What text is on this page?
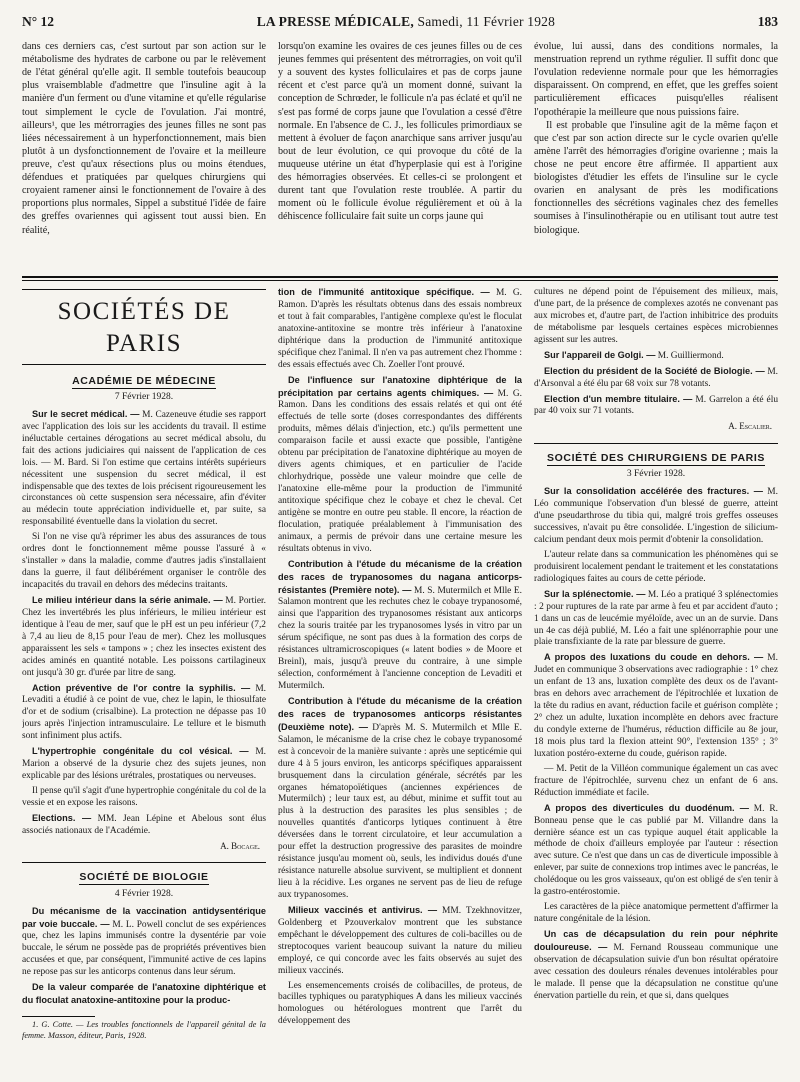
N° 12	LA PRESSE MÉDICALE, Samedi, 11 Février 1928	183

dans ces derniers cas, c'est surtout par son action sur le métabolisme des hydrates de carbone ou par le relèvement de l'état général qu'elle agit. Il semble toutefois beaucoup plus vraisemblable d'admettre que l'insuline agit à la manière d'un ferment ou d'une vitamine et qu'elle régularise tout simplement le cycle de l'ovulation. J'ai montré, ailleurs¹, que les métrorragies des jeunes filles ne sont pas liées nécessairement à un hyperfonctionnement, mais bien plutôt à un dysfonctionnement de l'ovaire et la meilleure preuve, c'est qu'aux résections plus ou moins étendues, défendues et pratiquées par quelques chirurgiens qui croyaient ramener ainsi le fonctionnement de l'ovaire à des proportions plus normales, Sippel a substitué l'idée de faire des greffes ovariennes qui agissent tout aussi bien. En réalité,

lorsqu'on examine les ovaires de ces jeunes filles ou de ces jeunes femmes qui présentent des métrorragies, on voit qu'il y a souvent des kystes folliculaires et pas de corps jaune récent et c'est parce qu'à un moment donné, suivant la conception de Schrœder, le follicule n'a pas éclaté et qu'il ne s'est pas formé de corps jaune que l'ovulation a cessé d'être normale. En l'absence de C. J., les follicules primordiaux se mettent à évoluer de façon anarchique sans arriver jusqu'au bout de leur évolution, ce qui provoque du côté de la muqueuse utérine un état d'hyperplasie qui est à l'origine des hémorragies observées. Et celles-ci se prolongent et durent tant que l'ovulation reste troublée. A partir du moment où le follicule évolue régulièrement et où à la déhiscence folliculaire fait suite un corps jaune qui

évolue, lui aussi, dans des conditions normales, la menstruation reprend un rythme régulier. Il suffit donc que l'ovulation redevienne normale pour que les hémorragies disparaissent. On comprend, en effet, que les greffes soient particulièrement efficaces puisqu'elles réalisent l'opothérapie la meilleure que nous puissions faire.

Il est probable que l'insuline agit de la même façon et que c'est par son action directe sur le cycle ovarien qu'elle amène l'arrêt des hémorragies d'origine ovarienne ; mais la chose ne peut encore être affirmée. Il appartient aux biologistes d'étudier les effets de l'insuline sur le cycle ovarien en analysant de près les modifications fonctionnelles des sécrétions vaginales chez des femelles soumises à l'insulinothérapie ou en utilisant tout autre test biologique.

SOCIÉTÉS DE PARIS
ACADÉMIE DE MÉDECINE
7 Février 1928.

Sur le secret médical. — M. Cazeneuve étudie ses rapport avec l'application des lois sur les accidents du travail. Il estime inéluctable certaines dérogations au secret médical absolu, du fait des actions judiciaires qui naissent de l'application de ces lois. — M. Bard. Si l'on estime que certains intérêts supérieurs nécessitent une suspension du secret médical, il est indispensable que des textes de lois précisent rigoureusement les circonstances où cette suspension sera nécessaire, afin d'éviter au médecin toute appréciation individuelle et, par suite, sa responsabilité éventuelle dans la violation du secret.

Si l'on ne vise qu'à réprimer les abus des assurances de tous ordres dont le fonctionnement même pousse l'assuré à « s'installer » dans la maladie, comme d'autres jadis s'installaient dans la guerre, il faut délibérément organiser le contrôle des incapacités du travail en dehors des médecins traitants.

Le milieu intérieur dans la série animale. — M. Portier. Chez les invertébrés les plus inférieurs, le milieu intérieur est identique à l'eau de mer, sauf que le pH est un peu inférieur (7,2 à 7,4 au lieu de 8,15 pour l'eau de mer). Chez les mollusques apparaissent les sels « tampons » ; chez les insectes existent des acides aminés en quantité notable. Les poissons cartilagineux ont jusqu'à 30 gr. d'urée par litre de sang.

Action préventive de l'or contre la syphilis. — M. Levaditi a étudié à ce point de vue, chez le lapin, le thiosulfate d'or et de sodium (crisalbine). La protection ne dépasse pas 10 jours après l'injection intramusculaire. Le tellure et le bismuth sont infiniment plus actifs.

L'hypertrophie congénitale du col vésical. — M. Marion a observé de la dysurie chez des sujets jeunes, non explicable par des lésions urétrales, prostatiques ou nerveuses.

Il pense qu'il s'agit d'une hypertrophie congénitale du col de la vessie et en expose les raisons.

Elections. — MM. Jean Lépine et Abelous sont élus associés nationaux de l'Académie.

A. Bocage.
SOCIÉTÉ DE BIOLOGIE
4 Février 1928.

Du mécanisme de la vaccination antidysentérique par voie buccale. — M. L. Powell conclut de ses expériences que, chez les lapins immunisés contre la dysentérie par voie buccale, le sérum ne possède pas de propriétés préventives bien accusées et que, par conséquent, l'immunité active de ces lapins ne repose pas sur les anticorps contenus dans leur sérum.

De la valeur comparée de l'anatoxine diphtérique et du floculat anatoxine-antitoxine pour la produc-

1. G. Cotte. — Les troubles fonctionnels de l'appareil génital de la femme. Masson, éditeur, Paris, 1928.

tion de l'immunité antitoxique spécifique. — M. G. Ramon. D'après les résultats obtenus dans des essais nombreux et tout à fait comparables, l'antigène complexe qu'est le floculat anatoxine-antitoxine se montre très inférieur à l'anatoxine diphtérique dans la production de l'immunité antitoxique spécifique chez l'animal. Il n'en va pas autrement chez l'homme : des essais effectués avec Ch. Zoeller l'ont prouvé.

De l'influence sur l'anatoxine diphtérique de la précipitation par certains agents chimiques. — M. G. Ramon. Dans les conditions des essais relatés et qui ont été effectués de telle sorte (doses correspondantes des différents produits, mêmes délais d'injection, etc.) qu'ils permettent une comparaison facile et aussi exacte que possible, l'antigène obtenu par précipitation de l'anatoxine diphtérique au moyen de divers agents chimiques, et en particulier de l'acide chlorhydrique, possède une valeur moindre que celle de l'anatoxine elle-même pour la production de l'immunité antitoxique spécifique chez le cobaye et chez le cheval. Cet antigène se montre en outre peu stable. Il encore, la réaction de floculation, pratiquée préalablement à l'immunisation des animaux, a permis de prévoir dans une certaine mesure les résultats obtenus in vivo.

Contribution à l'étude du mécanisme de la création des races de trypanosomes du nagana anticorps-résistantes (Première note). — M. S. Mutermilch et Mlle E. Salamon montrent que les rechutes chez le cobaye trypanosomé, ainsi que l'apparition des trypanosomes résistant aux anticorps chez la souris traitée par les trypanosomes lysés in vitro par un sérum spécifique, ne sont pas dues à la formation des corps de résistances ultramicroscopiques (« latent bodies » de Moore et Breinl), mais, jusqu'à preuve du contraire, à une simple sélection, conformément à l'ancienne conception de Levaditi et Mutermilch.

Contribution à l'étude du mécanisme de la création des races de trypanosomes anticorps résistantes (Deuxième note). — D'après M. S. Mutermilch et Mlle E. Salamon, le mécanisme de la crise chez le cobaye trypanosomé est à concevoir de la manière suivante : après une septicémie qui dure 4 à 5 jours environ, les anticorps spécifiques apparaissent brusquement dans la circulation générale, sécrétés par les organes hématopoïétiques (anciennes expériences de Mutermilch) ; leur taux est, au début, minime et suffit tout au plus à la destruction des parasites les plus sensibles ; de nouvelles quantités d'anticorps lytiques continuent à être déversées dans le torrent circulatoire, et leur accumulation a pour effet la destruction progressive des parasites de moindre résistance jusqu'au moment où, seuls, les individus doués d'une résistance naturelle absolue survivent, se multiplient et donnent lieu à la récidive. Les organes ne servent pas de lieu de refuge aux trypanosomes.

Milieux vaccinés et antivirus. — MM. Tzekhnovitzer, Goldenberg et Pzouverkalov montrent que les substance empêchant le développement des cultures de coli-bacilles ou de streptocoques varient beaucoup suivant la nature du milieu employé, ce qui concorde avec les faits observés au sujet des milieux vaccinés.

Les ensemencements croisés de colibacilles, de proteus, de bacilles typhiques ou paratyphiques A dans les milieux vaccinés homologues ou hétérologues montrent que l'arrêt du développement des

cultures ne dépend point de l'épuisement des milieux, mais, d'une part, de la présence de complexes azotés ne convenant pas aux microbes et, d'autre part, de l'action inhibitrice des produits de métabolisme par lesquels certaines espèces microbiennes agissent sur les autres.

Sur l'appareil de Golgi. — M. Guilliermond.

Election du président de la Société de Biologie. — M. d'Arsonval a été élu par 68 voix sur 78 votants.

Election d'un membre titulaire. — M. Garrelon a été élu par 40 voix sur 71 votants.

A. Escalier.
SOCIÉTÉ DES CHIRURGIENS DE PARIS
3 Février 1928.

Sur la consolidation accélérée des fractures. — M. Léo communique l'observation d'un blessé de guerre, atteint d'une pseudarthrose du tibia qui, malgré trois greffes osseuses successives, n'avait pu être consolidée. L'ingestion de silicium-calcium pendant deux mois permit d'obtenir la consolidation.

L'auteur relate dans sa communication les phénomènes qui se produisirent localement pendant le traitement et les constatations radiologiques faites au cours de cette période.

Sur la splénectomie. — M. Léo a pratiqué 3 splénectomies : 2 pour ruptures de la rate par arme à feu et par accident d'auto ; 1 dans un cas de leucémie myéloïde, avec un an de survie. Dans un 4e cas déjà publié, M. Léo a fait une splénorraphie pour une plaie transfixiante de la rate par blessure de guerre.

A propos des luxations du coude en dehors. — M. Judet en communique 3 observations avec radiographie : 1° chez un enfant de 13 ans, luxation complète des deux os de l'avant-bras en dehors avec arrachement de l'épitrochlée et luxation de la tête du radius en avant, réduction facile et guérison complète ; 2° chez un adulte, luxation incomplète en dehors avec fracture du condyle externe de l'humérus, réduction difficile au 8e jour, 18 mois plus tard la flexion atteint 90°, l'extension 135° ; 3° luxation postéro-externe du coude, guérison rapide.

— M. Petit de la Villéon communique également un cas avec fracture de l'épitrochlée, survenu chez un enfant de 6 ans. Réduction immédiate et facile.

A propos des diverticules du duodénum. — M. R. Bonneau pense que le cas publié par M. Villandre dans la dernière séance est un cas typique auquel était applicable la méthode de choix d'ailleurs employée par l'auteur : résection avec suture. Ce n'est que dans un cas de diverticule impossible à enlever, par suite de connexions trop intimes avec le pancréas, le cholédoque ou les gros vaisseaux, qu'on est obligé de s'en tenir à la gastro-entérostomie.

Les caractères de la pièce anatomique permettent d'affirmer la nature congénitale de la lésion.

Un cas de décapsulation du rein pour néphrite douloureuse. — M. Fernand Rousseau communique une observation de décapsulation suivie d'un bon résultat opératoire avec cessation des douleurs rénales devenues intolérables pour le malade. Il pense que la décapsulation ne constitue qu'une énervation partielle du rein, et que si, dans quelques
